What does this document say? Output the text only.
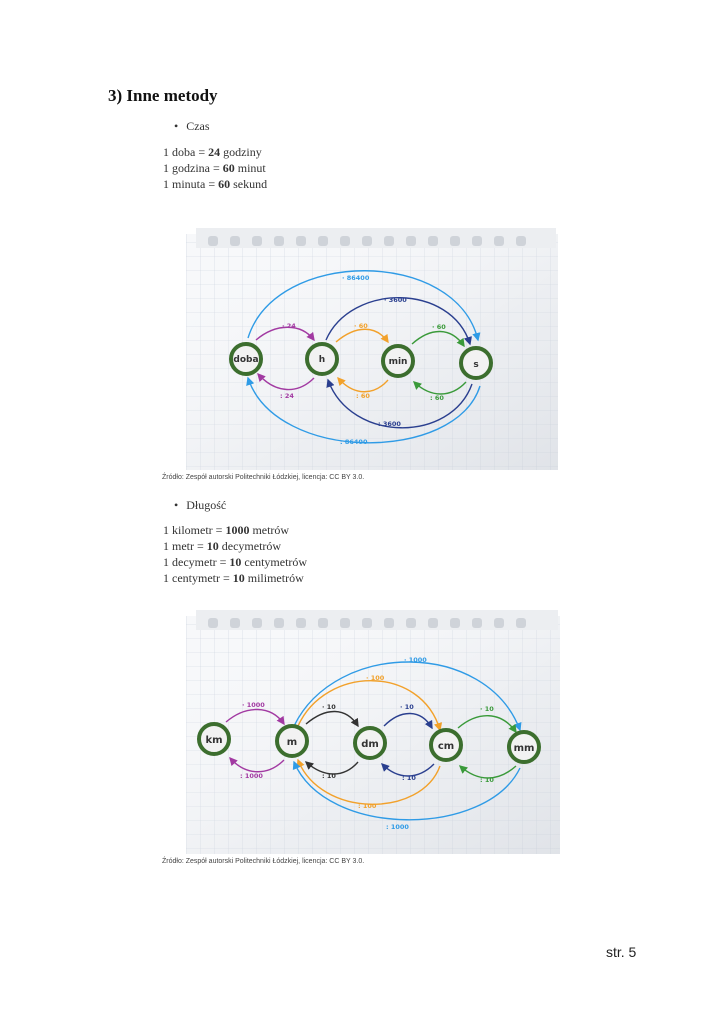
3) Inne metody
• Czas
1 doba = 24 godziny
1 godzina = 60 minut
1 minuta = 60 sekund
· 86400
· 3600
· 24	· 60	· 60
: 24	: 60	: 60
: 3600
: 86400
doba	h	min	s
Źródło: Zespół autorski Politechniki Łódzkiej, licencja: CC BY 3.0.
• Długość
1 kilometr = 1000 metrów
1 metr = 10 decymetrów
1 decymetr = 10 centymetrów
1 centymetr = 10 milimetrów
· 1000
· 100
· 1000	· 10	· 10	· 10
: 1000	: 10	: 10	: 10
: 100
: 1000
km	m	dm	cm	mm
Źródło: Zespół autorski Politechniki Łódzkiej, licencja: CC BY 3.0.
str. 5
